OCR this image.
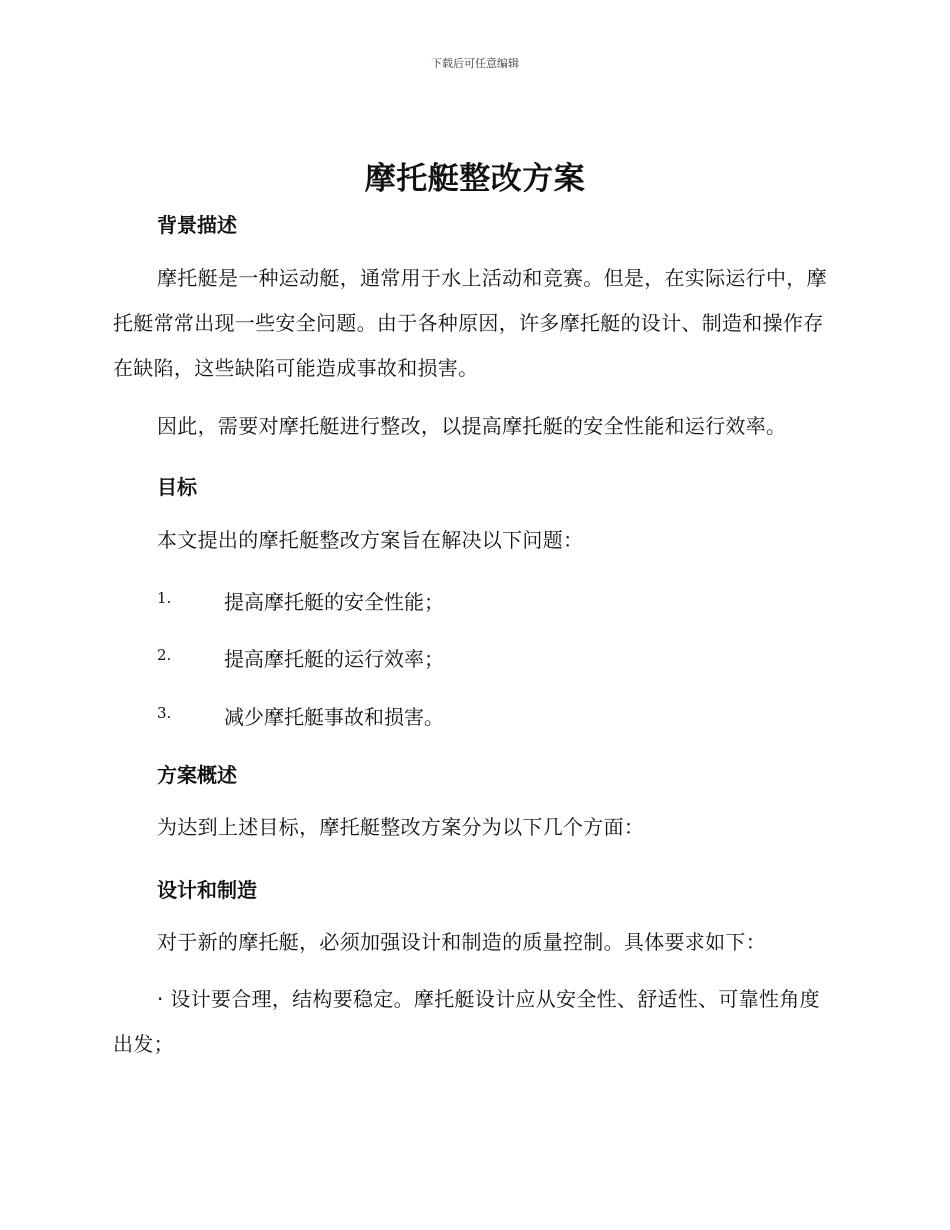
下载后可任意编辑
摩托艇整改方案
背景描述
摩托艇是一种运动艇，通常用于水上活动和竞赛。但是，在实际运行中，摩托艇常常出现一些安全问题。由于各种原因，许多摩托艇的设计、制造和操作存在缺陷，这些缺陷可能造成事故和损害。
因此，需要对摩托艇进行整改，以提高摩托艇的安全性能和运行效率。
目标
本文提出的摩托艇整改方案旨在解决以下问题：
1.	提高摩托艇的安全性能；
2.	提高摩托艇的运行效率；
3.	减少摩托艇事故和损害。
方案概述
为达到上述目标，摩托艇整改方案分为以下几个方面：
设计和制造
对于新的摩托艇，必须加强设计和制造的质量控制。具体要求如下：
· 设计要合理，结构要稳定。摩托艇设计应从安全性、舒适性、可靠性角度出发；
